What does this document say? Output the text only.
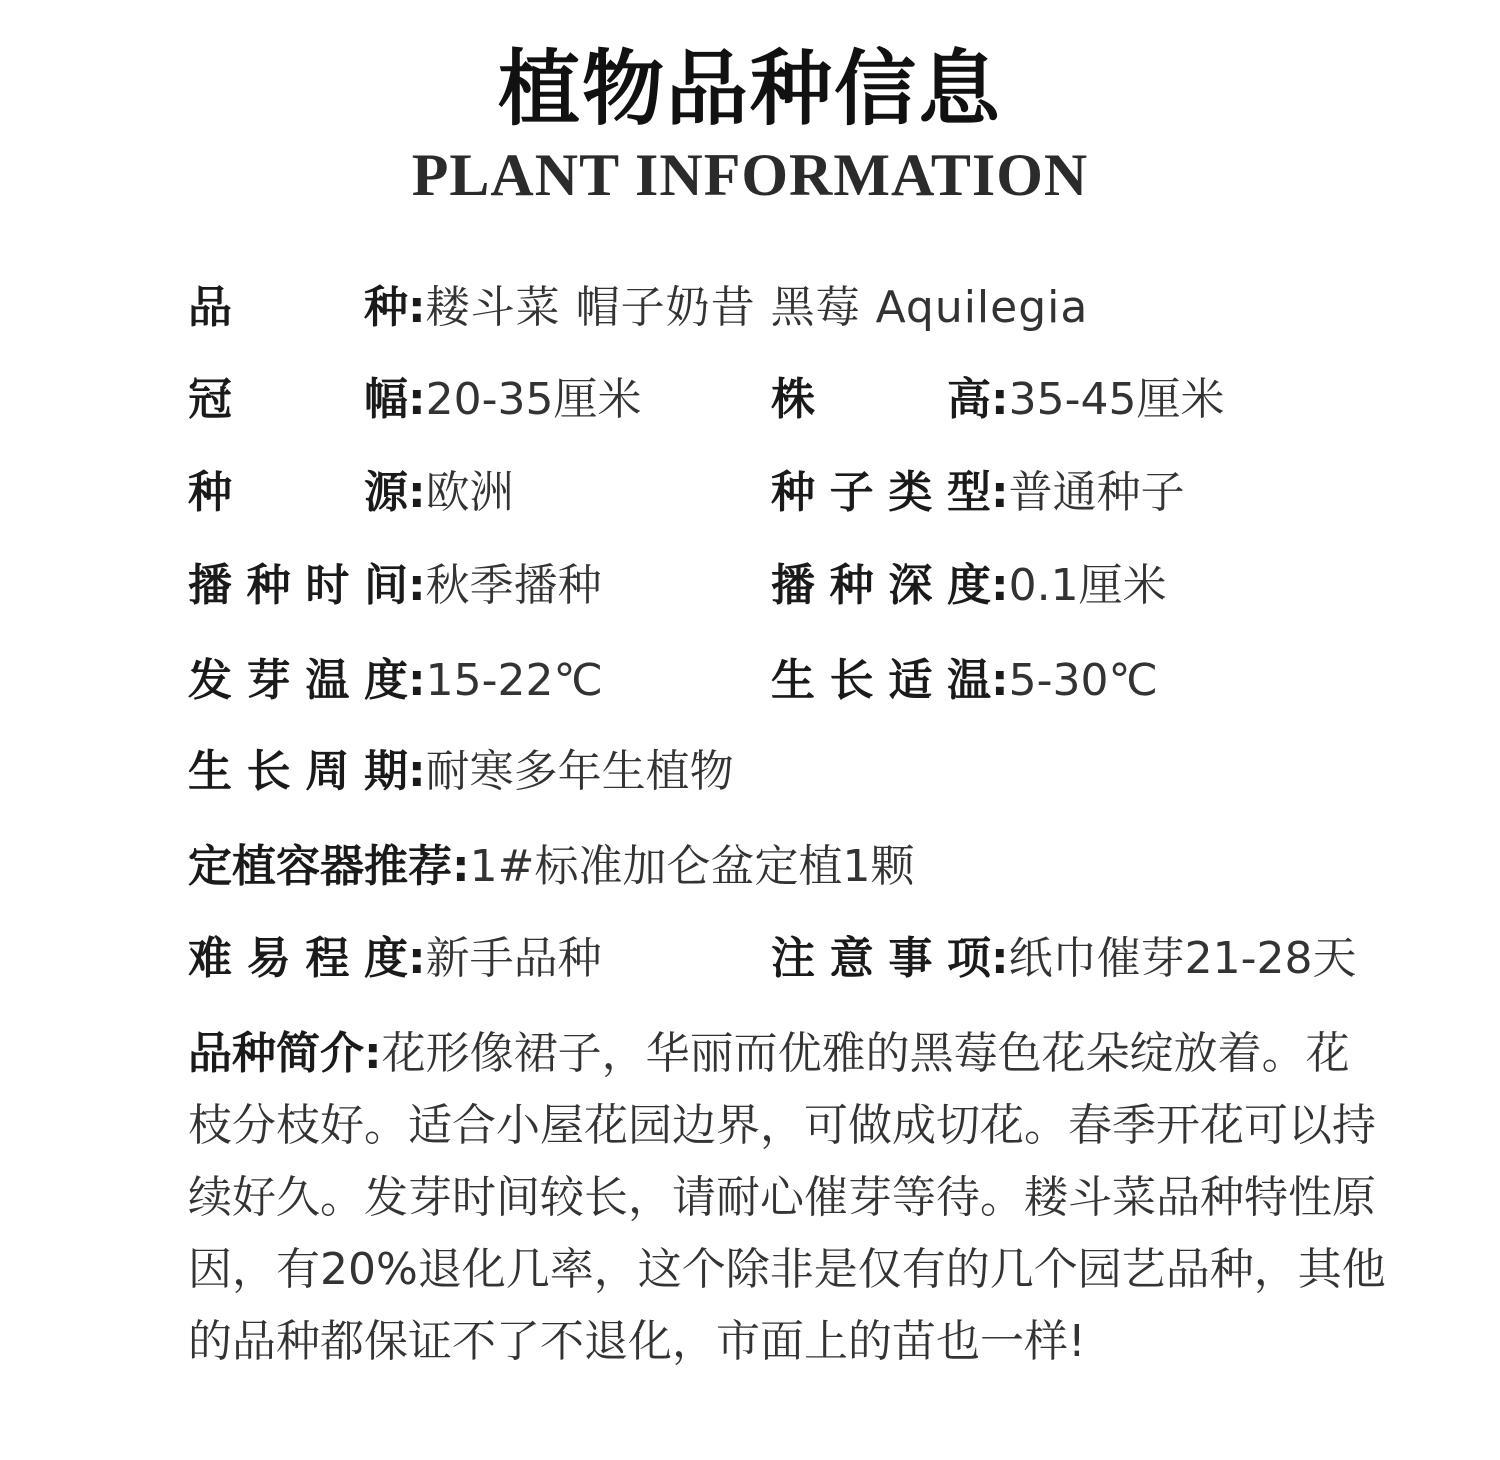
植物品种信息
PLANT INFORMATION
品种:耧斗菜 帽子奶昔 黑莓 Aquilegia
冠幅:20-35厘米	株高:35-45厘米
种源:欧洲	种子类型:普通种子
播种时间:秋季播种	播种深度:0.1厘米
发芽温度:15-22℃	生长适温:5-30℃
生长周期:耐寒多年生植物
定植容器推荐:1#标准加仑盆定植1颗
难易程度:新手品种	注意事项:纸巾催芽21-28天

品种简介:花形像裙子，华丽而优雅的黑莓色花朵绽放着。花枝分枝好。适合小屋花园边界，可做成切花。春季开花可以持续好久。发芽时间较长，请耐心催芽等待。耧斗菜品种特性原因，有20%退化几率，这个除非是仅有的几个园艺品种，其他的品种都保证不了不退化，市面上的苗也一样!
